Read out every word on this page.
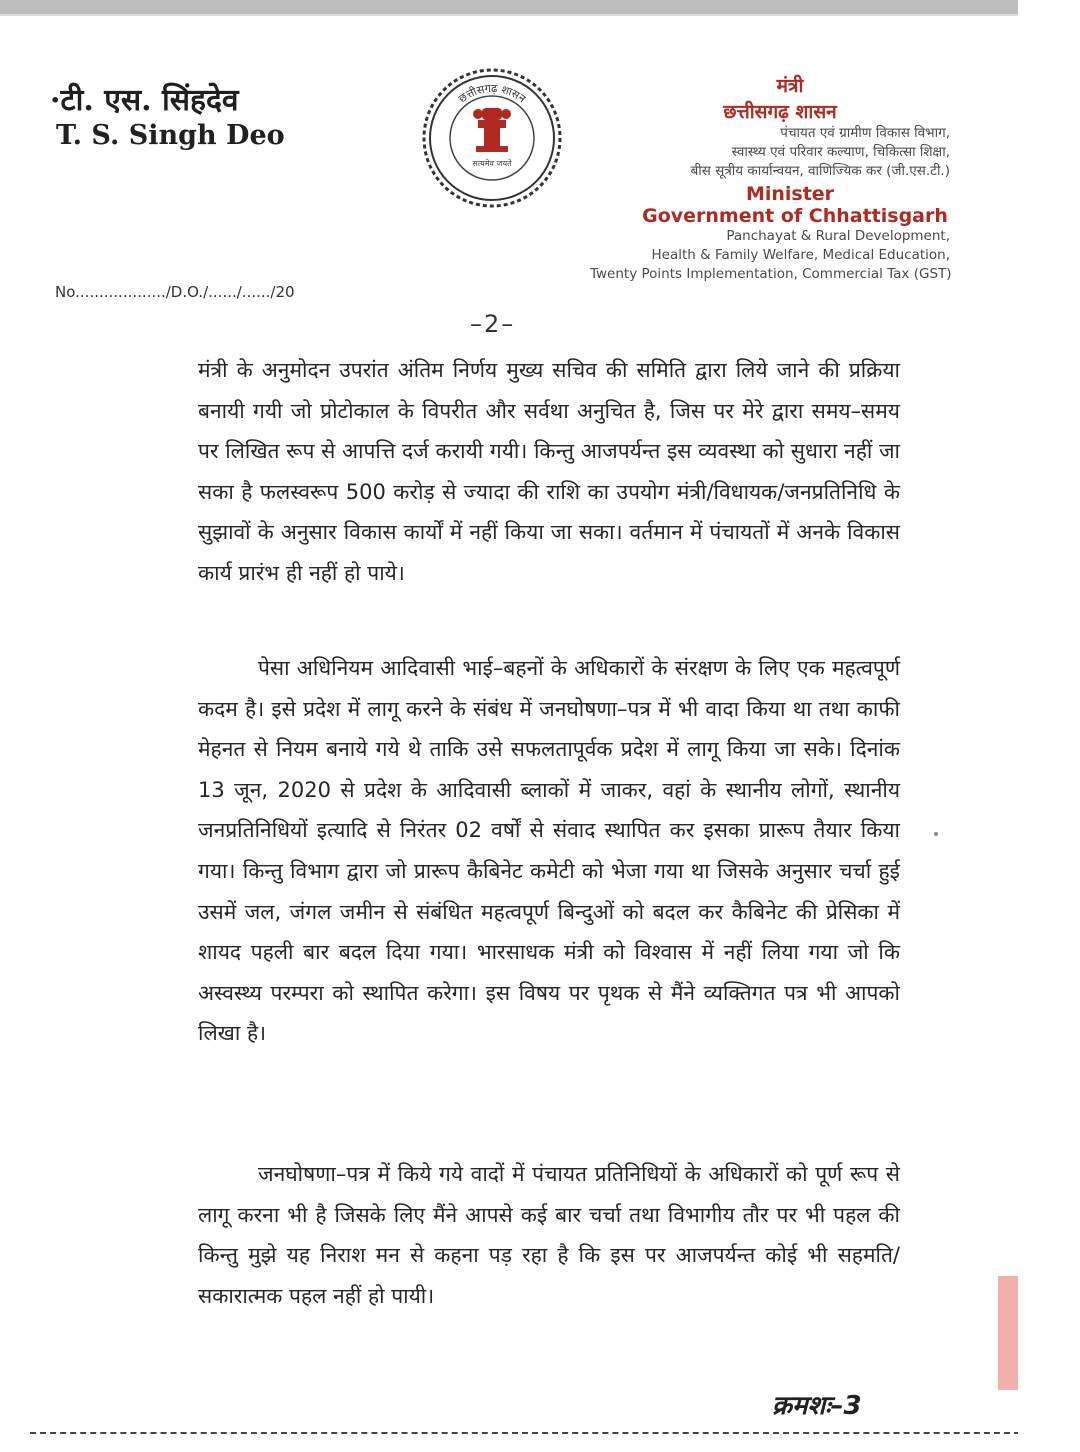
·टी. एस. सिंहदेव
T. S. Singh Deo
छत्तीसगढ़ शासन
सत्यमेव जयते
मंत्री
छत्तीसगढ़ शासन
पंचायत एवं ग्रामीण विकास विभाग,
स्वास्थ्य एवं परिवार कल्याण, चिकित्सा शिक्षा,
बीस सूत्रीय कार्यान्वयन, वाणिज्यिक कर (जी.एस.टी.)
Minister
Government of Chhattisgarh
Panchayat & Rural Development,
Health & Family Welfare, Medical Education,
Twenty Points Implementation, Commercial Tax (GST)
No.................../D.O./....../....../20
–2–
मंत्री के अनुमोदन उपरांत अंतिम निर्णय मुख्य सचिव की समिति द्वारा लिये जाने की प्रक्रिया बनायी गयी जो प्रोटोकाल के विपरीत और सर्वथा अनुचित है, जिस पर मेरे द्वारा समय–समय पर लिखित रूप से आपत्ति दर्ज करायी गयी। किन्तु आजपर्यन्त इस व्यवस्था को सुधारा नहीं जा सका है फलस्वरूप 500 करोड़ से ज्यादा की राशि का उपयोग मंत्री/विधायक/जनप्रतिनिधि के सुझावों के अनुसार विकास कार्यों में नहीं किया जा सका। वर्तमान में पंचायतों में अनके विकास कार्य प्रारंभ ही नहीं हो पाये।
पेसा अधिनियम आदिवासी भाई–बहनों के अधिकारों के संरक्षण के लिए एक महत्वपूर्ण कदम है। इसे प्रदेश में लागू करने के संबंध में जनघोषणा–पत्र में भी वादा किया था तथा काफी मेहनत से नियम बनाये गये थे ताकि उसे सफलतापूर्वक प्रदेश में लागू किया जा सके। दिनांक 13 जून, 2020 से प्रदेश के आदिवासी ब्लाकों में जाकर, वहां के स्थानीय लोगों, स्थानीय जनप्रतिनिधियों इत्यादि से निरंतर 02 वर्षों से संवाद स्थापित कर इसका प्रारूप तैयार किया गया। किन्तु विभाग द्वारा जो प्रारूप कैबिनेट कमेटी को भेजा गया था जिसके अनुसार चर्चा हुई उसमें जल, जंगल जमीन से संबंधित महत्वपूर्ण बिन्दुओं को बदल कर कैबिनेट की प्रेसिका में शायद पहली बार बदल दिया गया। भारसाधक मंत्री को विश्वास में नहीं लिया गया जो कि अस्वस्थ्य परम्परा को स्थापित करेगा। इस विषय पर पृथक से मैंने व्यक्तिगत पत्र भी आपको लिखा है।
जनघोषणा–पत्र में किये गये वादों में पंचायत प्रतिनिधियों के अधिकारों को पूर्ण रूप से लागू करना भी है जिसके लिए मैंने आपसे कई बार चर्चा तथा विभागीय तौर पर भी पहल की किन्तु मुझे यह निराश मन से कहना पड़ रहा है कि इस पर आजपर्यन्त कोई भी सहमति/सकारात्मक पहल नहीं हो पायी।
क्रमशः–3
